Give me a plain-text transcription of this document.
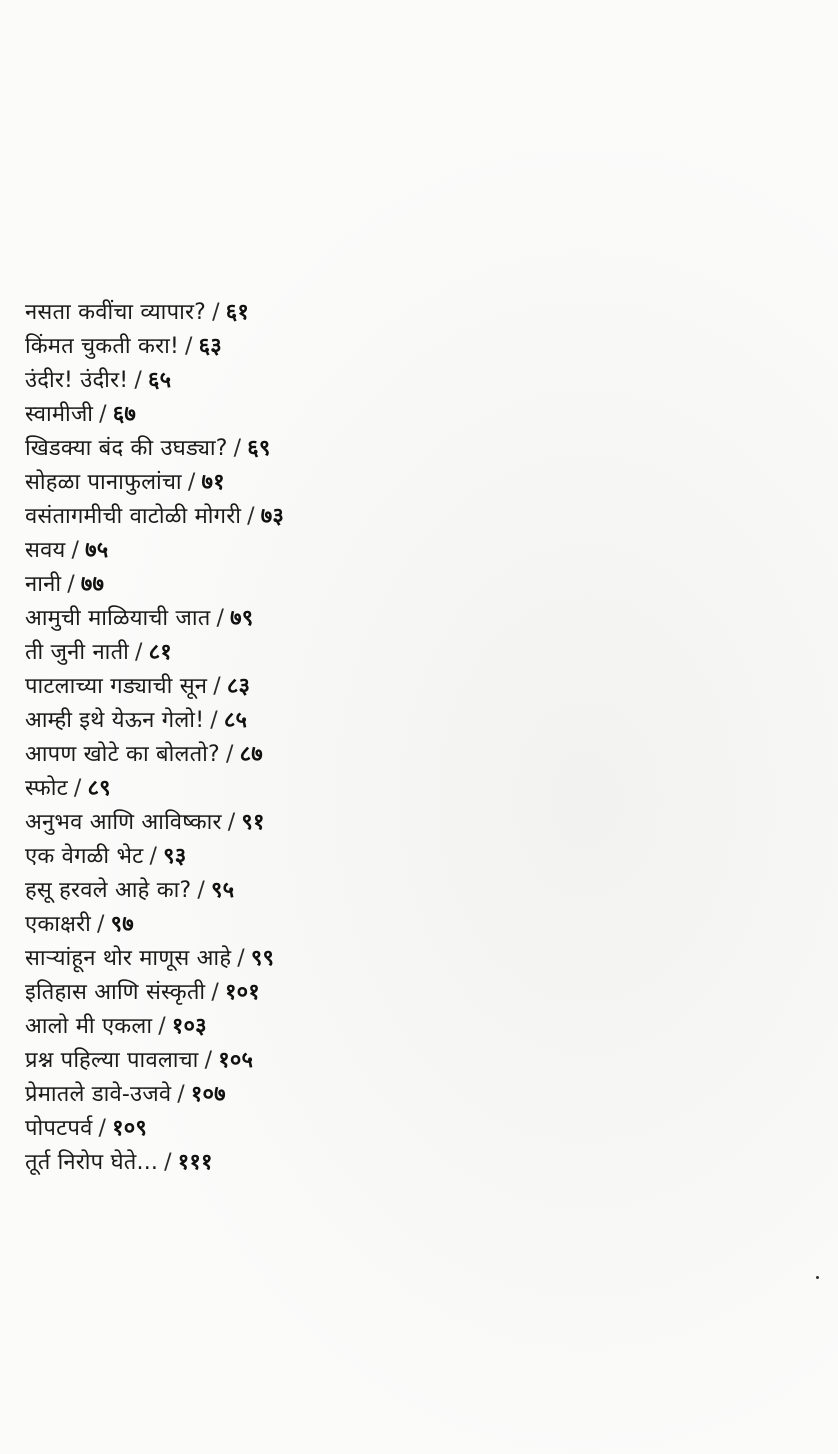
नसता कवींचा व्यापार? / ६१
किंमत चुकती करा! / ६३
उंदीर! उंदीर! / ६५
स्वामीजी / ६७
खिडक्या बंद की उघड्या? / ६९
सोहळा पानाफुलांचा / ७१
वसंतागमीची वाटोळी मोगरी / ७३
सवय / ७५
नानी / ७७
आमुची माळियाची जात / ७९
ती जुनी नाती / ८१
पाटलाच्या गड्याची सून / ८३
आम्ही इथे येऊन गेलो! / ८५
आपण खोटे का बोलतो? / ८७
स्फोट / ८९
अनुभव आणि आविष्कार / ९१
एक वेगळी भेट / ९३
हसू हरवले आहे का? / ९५
एकाक्षरी / ९७
साऱ्यांहून थोर माणूस आहे / ९९
इतिहास आणि संस्कृती / १०१
आलो मी एकला / १०३
प्रश्न पहिल्या पावलाचा / १०५
प्रेमातले डावे-उजवे / १०७
पोपटपर्व / १०९
तूर्त निरोप घेते... / १११
